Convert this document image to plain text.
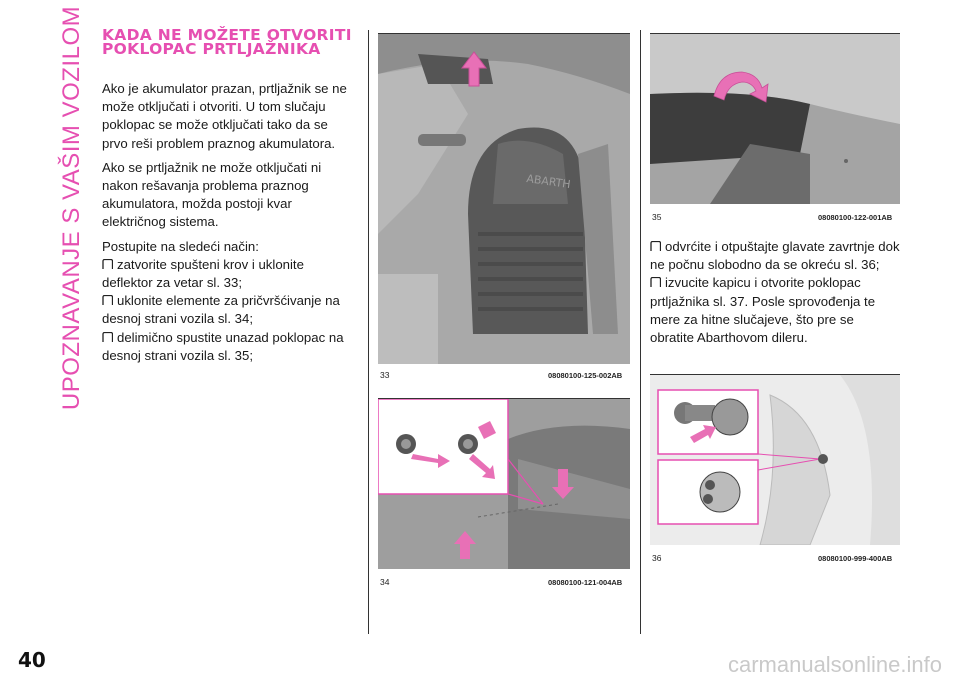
UPOZNAVANJE S VAŠIM VOZILOM KADA NE MOŽETE OTVORITI POKLOPAC PRTLJAŽNIKA

Ako je akumulator prazan, prtljažnik se ne može otključati i otvoriti. U tom slučaju poklopac se može otključati tako da se prvo reši problem praznog akumulatora.

Ako se prtljažnik ne može otključati ni nakon rešavanja problema praznog akumulatora, možda postoji kvar električnog sistema.

Postupite na sledeći način:

zatvorite spušteni krov i uklonite deflektor za vetar sl. 33;

uklonite elemente za pričvršćivanje na desnoj strani vozila sl. 34;

delimično spustite unazad poklopac na desnoj strani vozila sl. 35;

ABARTH
33	08080100-125-002AB
34	08080100-121-004AB
35	08080100-122-001AB

odvrćite i otpuštajte glavate zavrtnje dok ne počnu slobodno da se okreću sl. 36;

izvucite kapicu i otvorite poklopac prtljažnika sl. 37. Posle sprovođenja te mere za hitne slučajeve, što pre se obratite Abarthovom dileru.

36	08080100-999-400AB
40	carmanualsonline.info
